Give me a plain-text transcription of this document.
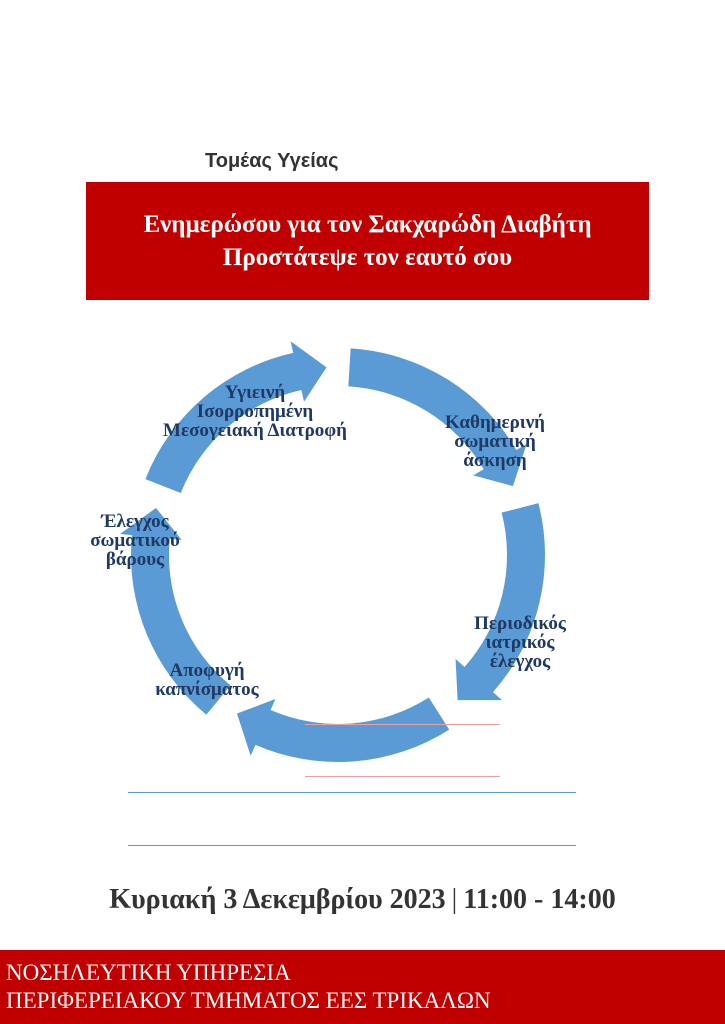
Τομέας Υγείας
Ενημερώσου για τον Σακχαρώδη Διαβήτη
Προστάτεψε τον εαυτό σου
Υγιεινή
Ισορροπημένη
Μεσογειακή Διατροφή	Καθημερινή
σωματική
άσκηση
Περιοδικός
ιατρικός
έλεγχος
Αποφυγή
καπνίσματος
Έλεγχος
σωματικού
βάρους
Κυριακή 3 Δεκεμβρίου 2023 | 11:00 - 14:00
ΝΟΣΗΛΕΥΤΙΚΗ ΥΠΗΡΕΣΙΑ
ΠΕΡΙΦΕΡΕΙΑΚΟΥ ΤΜΗΜΑΤΟΣ ΕΕΣ ΤΡΙΚΑΛΩΝ
